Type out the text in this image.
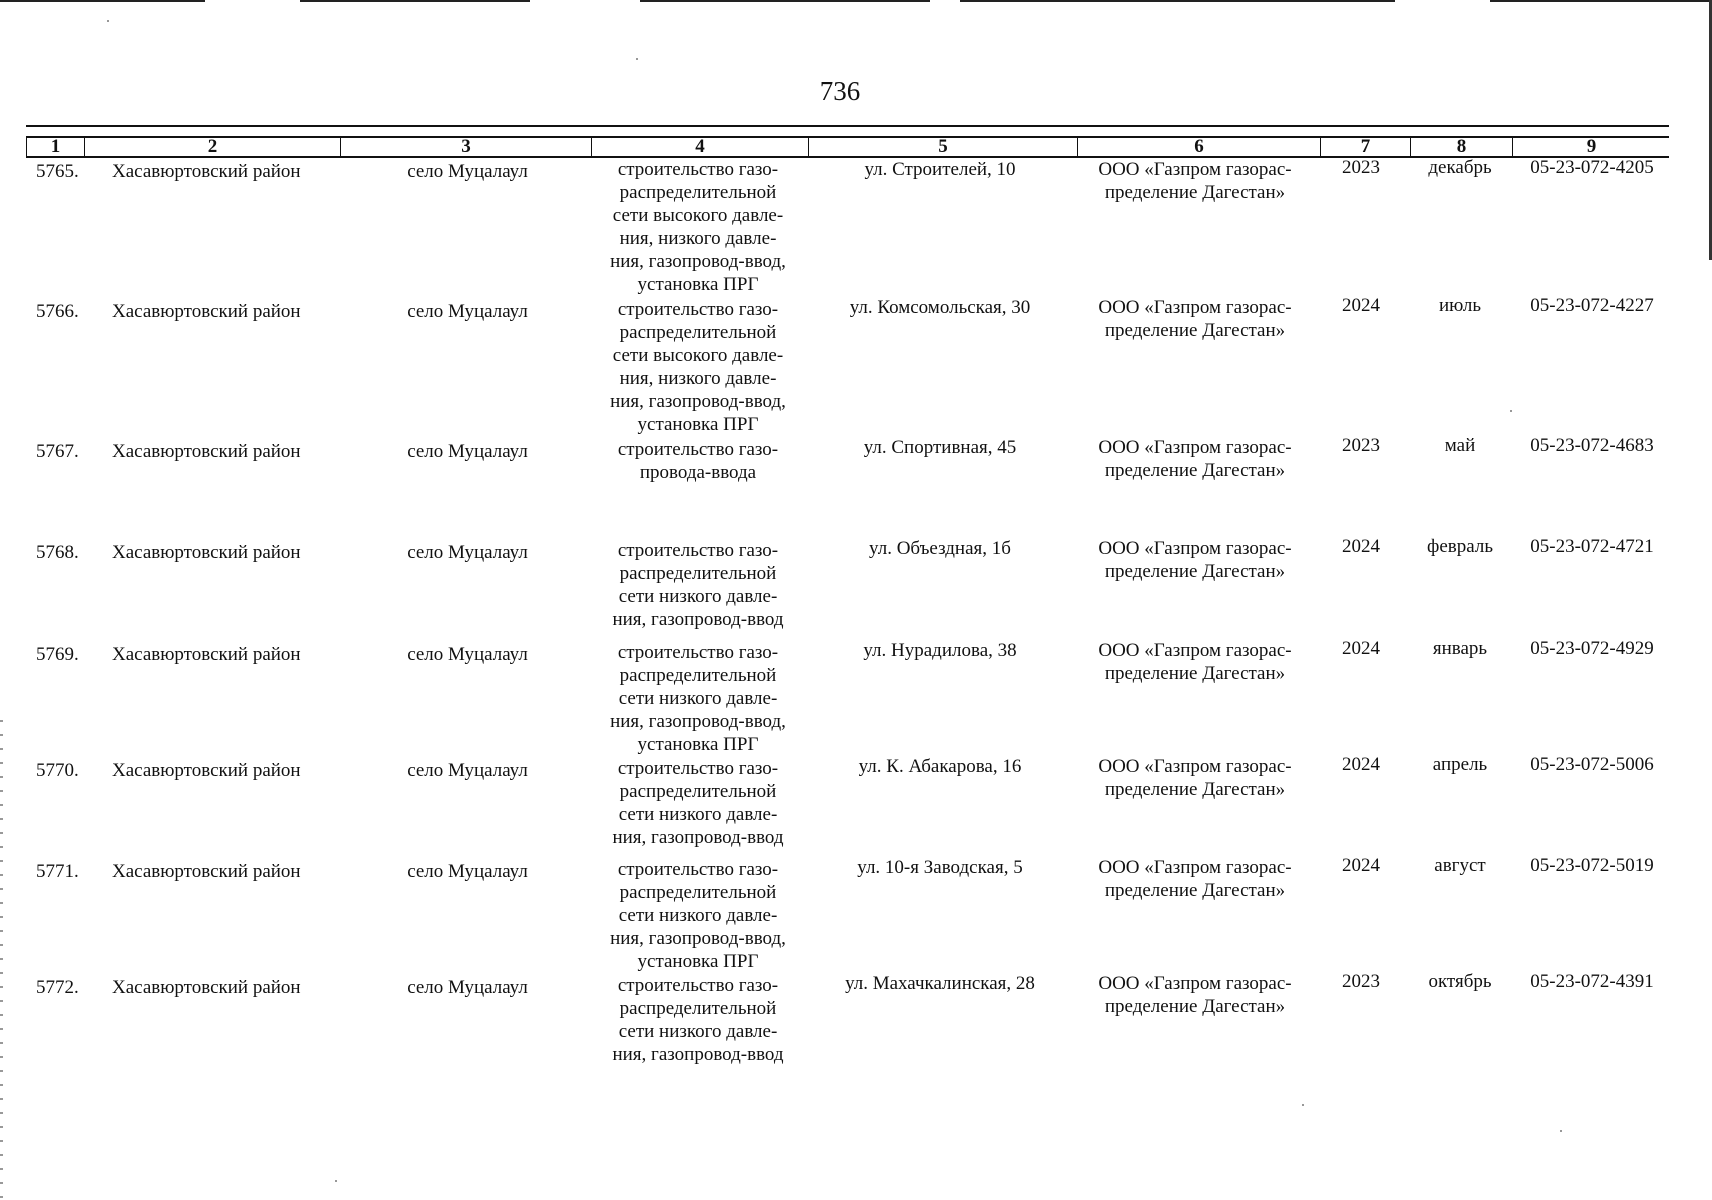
736
1	2	3	4	5	6	7	8	9
5765.	Хасавюртовский район	село Муцалаул	строительство газо-
распределительной
сети высокого давле-
ния, низкого давле-
ния, газопровод-ввод,
установка ПРГ
ул. Строителей, 10	ООО «Газпром газорас-
пределение Дагестан»
2023	декабрь	05-23-072-4205
5766.	Хасавюртовский район	село Муцалаул	строительство газо-
распределительной
сети высокого давле-
ния, низкого давле-
ния, газопровод-ввод,
установка ПРГ
ул. Комсомольская, 30	ООО «Газпром газорас-
пределение Дагестан»
2024	июль	05-23-072-4227
5767.	Хасавюртовский район	село Муцалаул	строительство газо-
провода-ввода
ул. Спортивная, 45	ООО «Газпром газорас-
пределение Дагестан»
2023	май	05-23-072-4683
5768.	Хасавюртовский район	село Муцалаул	строительство газо-
распределительной
сети низкого давле-
ния, газопровод-ввод
ул. Объездная, 1б	ООО «Газпром газорас-
пределение Дагестан»
2024	февраль	05-23-072-4721
5769.	Хасавюртовский район	село Муцалаул	строительство газо-
распределительной
сети низкого давле-
ния, газопровод-ввод,
установка ПРГ
ул. Нурадилова, 38	ООО «Газпром газорас-
пределение Дагестан»
2024	январь	05-23-072-4929
5770.	Хасавюртовский район	село Муцалаул	строительство газо-
распределительной
сети низкого давле-
ния, газопровод-ввод
ул. К. Абакарова, 16	ООО «Газпром газорас-
пределение Дагестан»
2024	апрель	05-23-072-5006
5771.	Хасавюртовский район	село Муцалаул	строительство газо-
распределительной
сети низкого давле-
ния, газопровод-ввод,
установка ПРГ
ул. 10-я Заводская, 5	ООО «Газпром газорас-
пределение Дагестан»
2024	август	05-23-072-5019
5772.	Хасавюртовский район	село Муцалаул	строительство газо-
распределительной
сети низкого давле-
ния, газопровод-ввод
ул. Махачкалинская, 28	ООО «Газпром газорас-
пределение Дагестан»
2023	октябрь	05-23-072-4391
